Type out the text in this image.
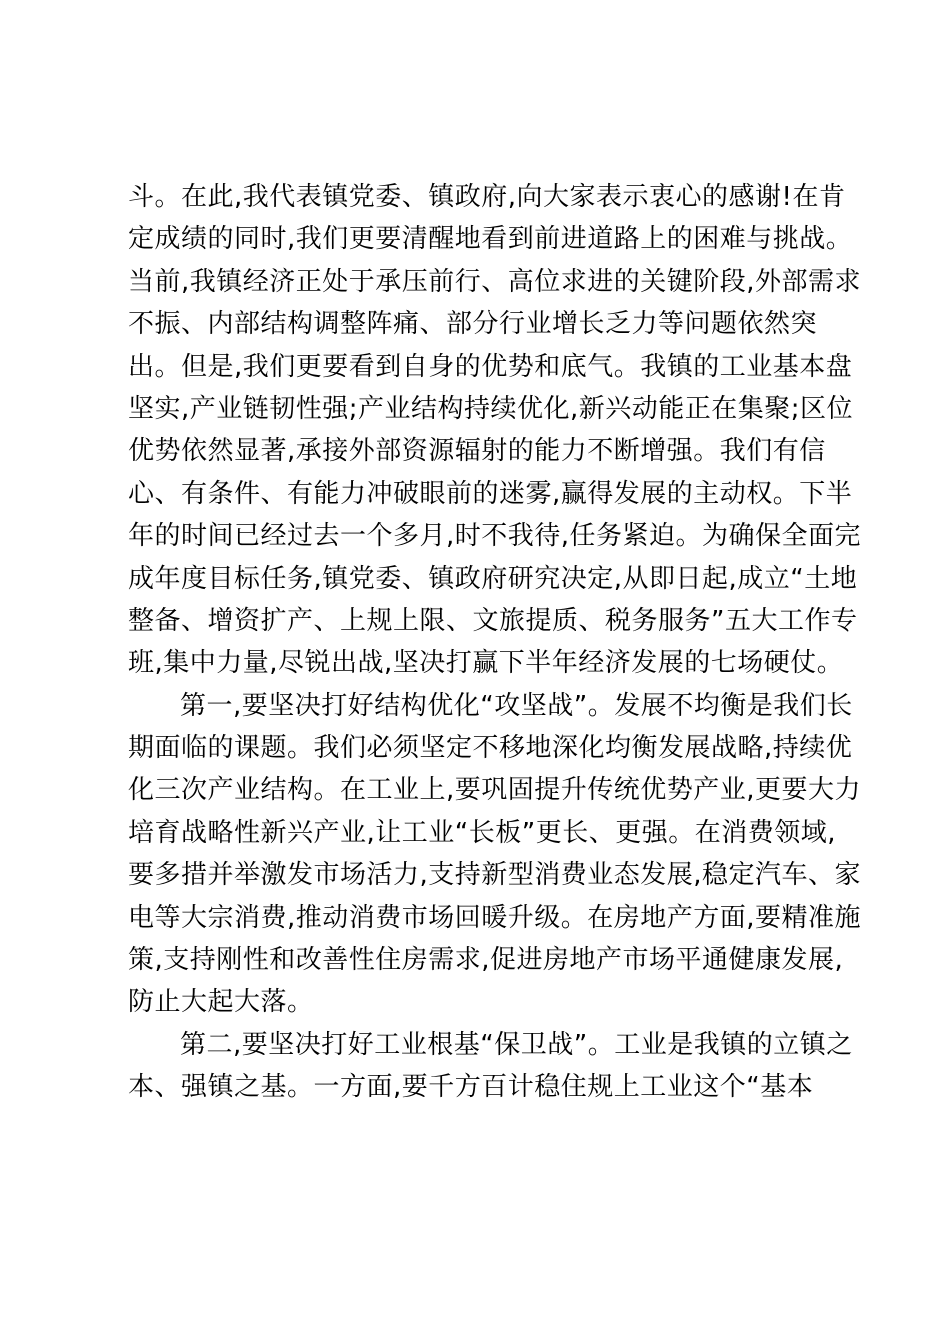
斗。在此,我代表镇党委、镇政府,向大家表示衷心的感谢!在肯
定成绩的同时,我们更要清醒地看到前进道路上的困难与挑战。
当前,我镇经济正处于承压前行、高位求进的关键阶段,外部需求
不振、内部结构调整阵痛、部分行业增长乏力等问题依然突
出。但是,我们更要看到自身的优势和底气。我镇的工业基本盘
坚实,产业链韧性强;产业结构持续优化,新兴动能正在集聚;区位
优势依然显著,承接外部资源辐射的能力不断增强。我们有信
心、有条件、有能力冲破眼前的迷雾,赢得发展的主动权。下半
年的时间已经过去一个多月,时不我待,任务紧迫。为确保全面完
成年度目标任务,镇党委、镇政府研究决定,从即日起,成立“土地
整备、增资扩产、上规上限、文旅提质、税务服务”五大工作专
班,集中力量,尽锐出战,坚决打赢下半年经济发展的七场硬仗。
第一,要坚决打好结构优化“攻坚战”。发展不均衡是我们长
期面临的课题。我们必须坚定不移地深化均衡发展战略,持续优
化三次产业结构。在工业上,要巩固提升传统优势产业,更要大力
培育战略性新兴产业,让工业“长板”更长、更强。在消费领域,
要多措并举激发市场活力,支持新型消费业态发展,稳定汽车、家
电等大宗消费,推动消费市场回暖升级。在房地产方面,要精准施
策,支持刚性和改善性住房需求,促进房地产市场平通健康发展,
防止大起大落。
第二,要坚决打好工业根基“保卫战”。工业是我镇的立镇之
本、强镇之基。一方面,要千方百计稳住规上工业这个“基本
